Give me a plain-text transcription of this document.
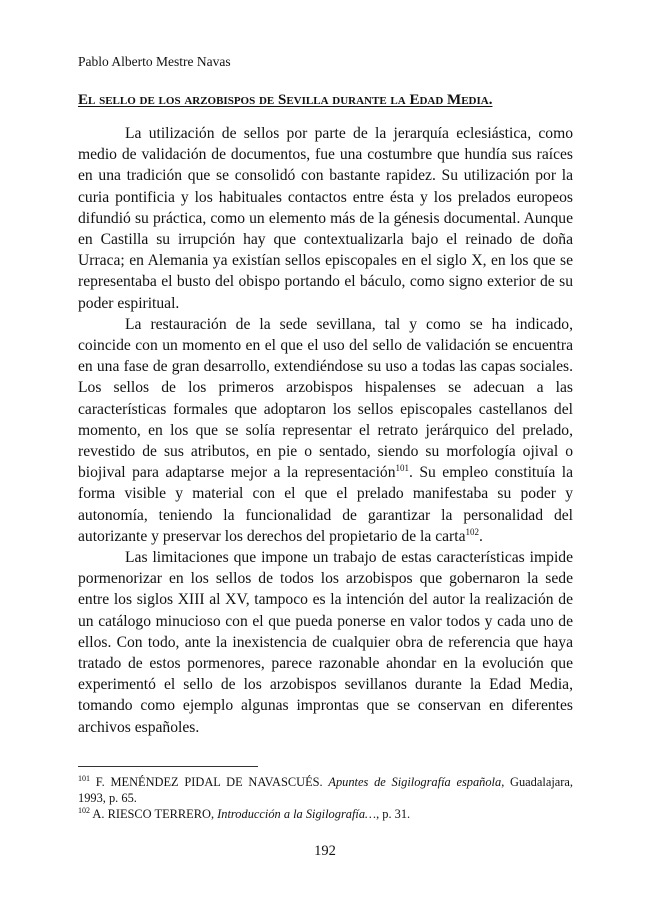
Pablo Alberto Mestre Navas
El sello de los arzobispos de Sevilla durante la Edad Media.

La utilización de sellos por parte de la jerarquía eclesiástica, como medio de validación de documentos, fue una costumbre que hundía sus raíces en una tradición que se consolidó con bastante rapidez. Su utilización por la curia pontificia y los habituales contactos entre ésta y los prelados europeos difundió su práctica, como un elemento más de la génesis documental. Aunque en Castilla su irrupción hay que contextualizarla bajo el reinado de doña Urraca; en Alemania ya existían sellos episcopales en el siglo X, en los que se representaba el busto del obispo portando el báculo, como signo exterior de su poder espiritual.

La restauración de la sede sevillana, tal y como se ha indicado, coincide con un momento en el que el uso del sello de validación se encuentra en una fase de gran desarrollo, extendiéndose su uso a todas las capas sociales. Los sellos de los primeros arzobispos hispalenses se adecuan a las características formales que adoptaron los sellos episcopales castellanos del momento, en los que se solía representar el retrato jerárquico del prelado, revestido de sus atributos, en pie o sentado, siendo su morfología ojival o biojival para adaptarse mejor a la representación$^{101}$. Su empleo constituía la forma visible y material con el que el prelado manifestaba su poder y autonomía, teniendo la funcionalidad de garantizar la personalidad del autorizante y preservar los derechos del propietario de la carta$^{102}$.

Las limitaciones que impone un trabajo de estas características impide pormenorizar en los sellos de todos los arzobispos que gobernaron la sede entre los siglos XIII al XV, tampoco es la intención del autor la realización de un catálogo minucioso con el que pueda ponerse en valor todos y cada uno de ellos. Con todo, ante la inexistencia de cualquier obra de referencia que haya tratado de estos pormenores, parece razonable ahondar en la evolución que experimentó el sello de los arzobispos sevillanos durante la Edad Media, tomando como ejemplo algunas improntas que se conservan en diferentes archivos españoles.

$^{101}$ F. MENÉNDEZ PIDAL DE NAVASCUÉS. Apuntes de Sigilografía española, Guadalajara, 1993, p. 65.

$^{102}$ A. RIESCO TERRERO, Introducción a la Sigilografía…, p. 31.

192
